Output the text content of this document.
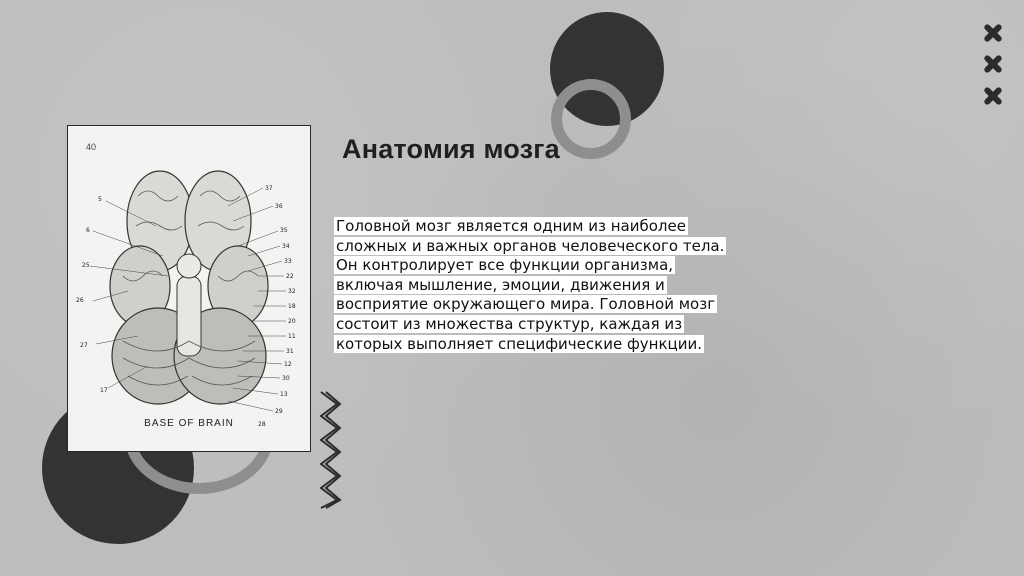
40
5
6
25
26
27
17
37
36
35
34
33
22
32
18
20
11
31
12
30
13
29
28
BASE OF BRAIN
Анатомия мозга
Головной мозг является одним из наиболее сложных и важных органов человеческого тела. Он контролирует все функции организма, включая мышление, эмоции, движения и восприятие окружающего мира. Головной мозг состоит из множества структур, каждая из которых выполняет специфические функции.
